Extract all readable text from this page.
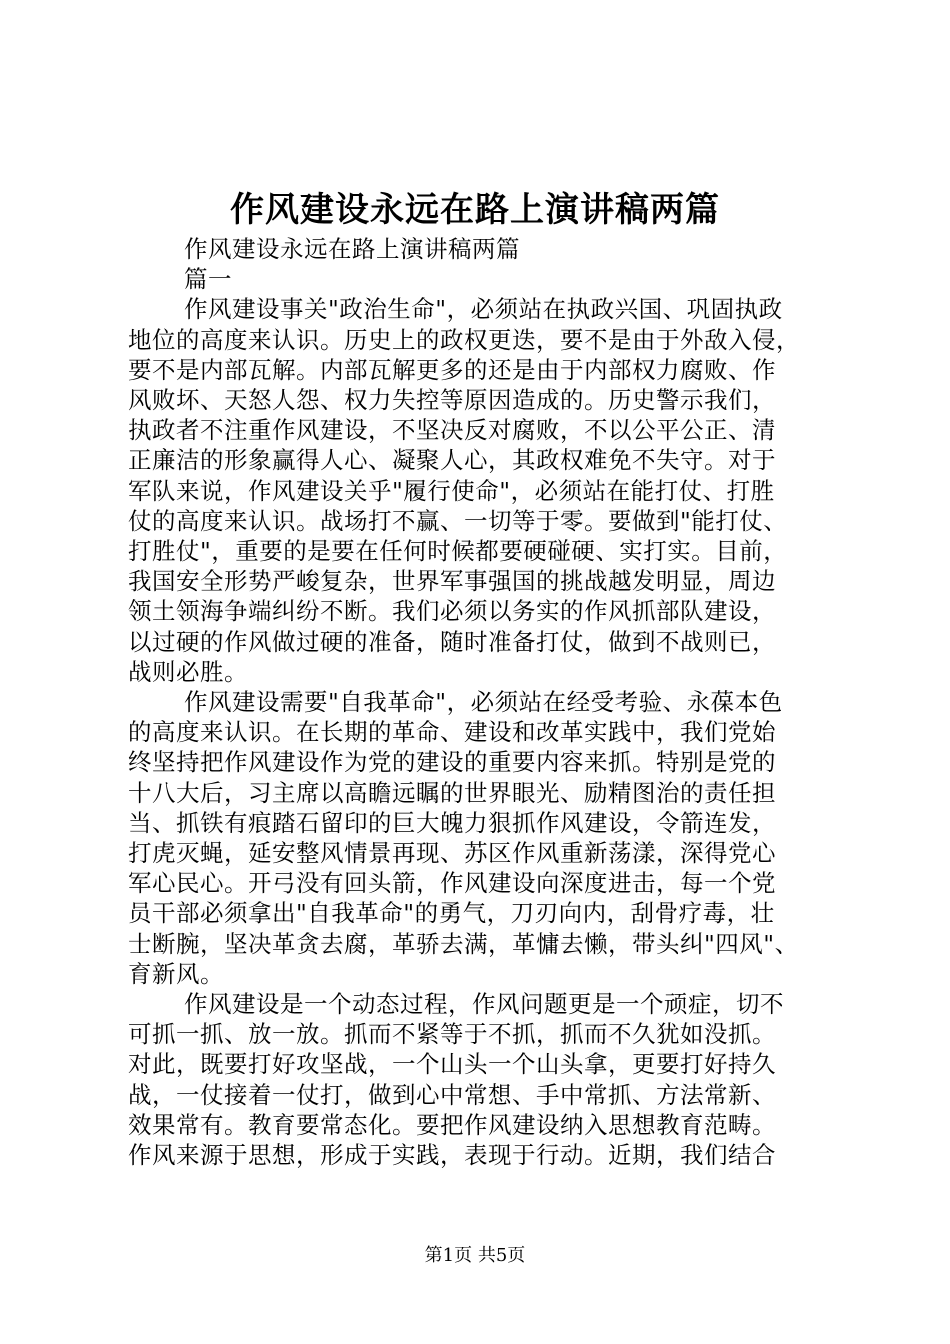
作风建设永远在路上演讲稿两篇

作风建设永远在路上演讲稿两篇

篇一

作风建设事关"政治生命"，必须站在执政兴国、巩固执政

地位的高度来认识。历史上的政权更迭，要不是由于外敌入侵，

要不是内部瓦解。内部瓦解更多的还是由于内部权力腐败、作

风败坏、天怒人怨、权力失控等原因造成的。历史警示我们，

执政者不注重作风建设，不坚决反对腐败，不以公平公正、清

正廉洁的形象赢得人心、凝聚人心，其政权难免不失守。对于

军队来说，作风建设关乎"履行使命"，必须站在能打仗、打胜

仗的高度来认识。战场打不赢、一切等于零。要做到"能打仗、

打胜仗"，重要的是要在任何时候都要硬碰硬、实打实。目前，

我国安全形势严峻复杂，世界军事强国的挑战越发明显，周边

领土领海争端纠纷不断。我们必须以务实的作风抓部队建设，

以过硬的作风做过硬的准备，随时准备打仗，做到不战则已，

战则必胜。

作风建设需要"自我革命"，必须站在经受考验、永葆本色

的高度来认识。在长期的革命、建设和改革实践中，我们党始

终坚持把作风建设作为党的建设的重要内容来抓。特别是党的

十八大后，习主席以高瞻远瞩的世界眼光、励精图治的责任担

当、抓铁有痕踏石留印的巨大魄力狠抓作风建设，令箭连发，

打虎灭蝇，延安整风情景再现、苏区作风重新荡漾，深得党心

军心民心。开弓没有回头箭，作风建设向深度进击，每一个党

员干部必须拿出"自我革命"的勇气，刀刃向内，刮骨疗毒，壮

士断腕，坚决革贪去腐，革骄去满，革慵去懒，带头纠"四风"、

育新风。

作风建设是一个动态过程，作风问题更是一个顽症，切不

可抓一抓、放一放。抓而不紧等于不抓，抓而不久犹如没抓。

对此，既要打好攻坚战，一个山头一个山头拿，更要打好持久

战，一仗接着一仗打，做到心中常想、手中常抓、方法常新、

效果常有。教育要常态化。要把作风建设纳入思想教育范畴。

作风来源于思想，形成于实践，表现于行动。近期，我们结合

第1页 共5页
